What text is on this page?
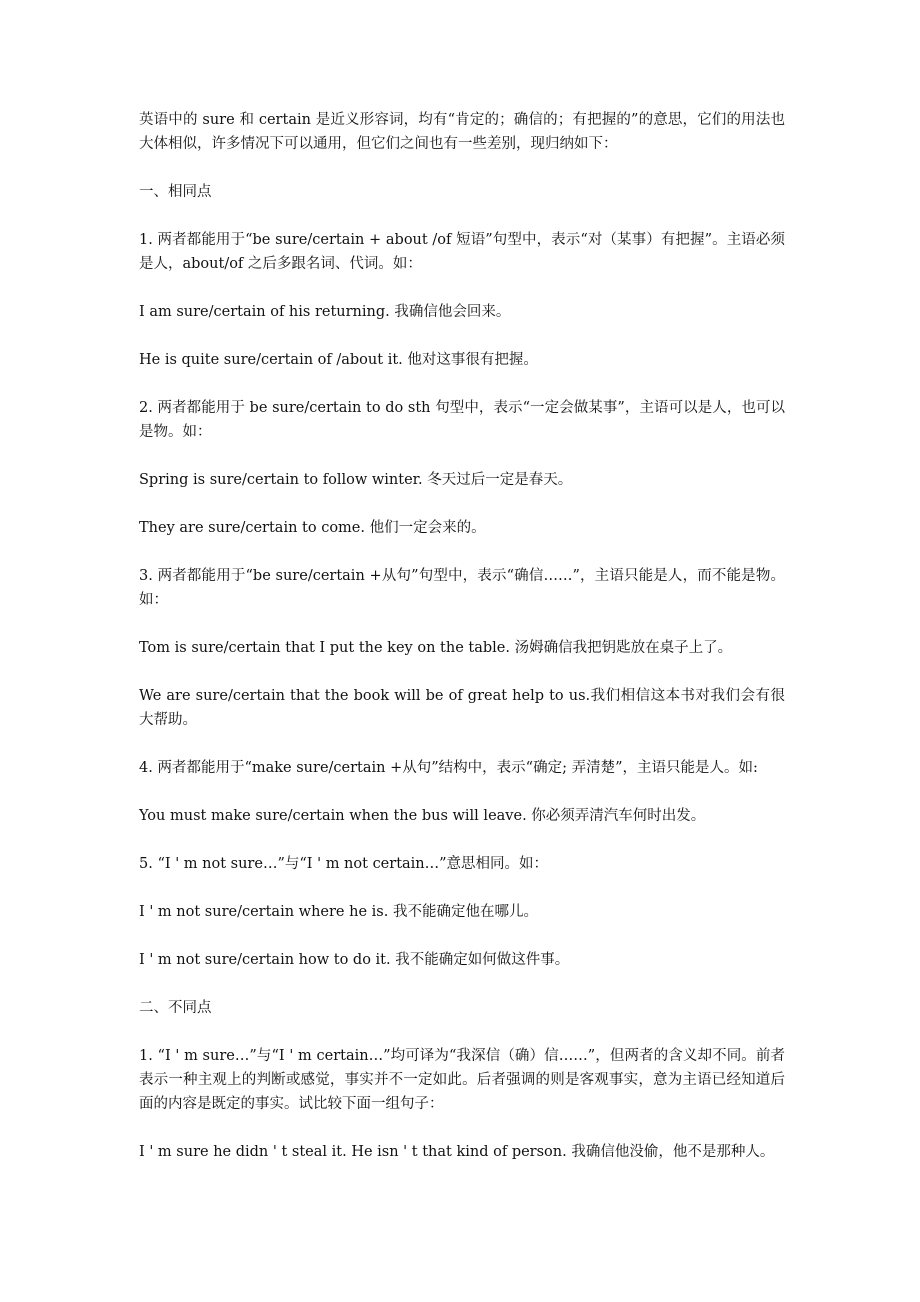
英语中的 sure 和 certain 是近义形容词，均有“肯定的；确信的；有把握的”的意思，它们的用法也大体相似，许多情况下可以通用，但它们之间也有一些差别，现归纳如下：

一、相同点

1. 两者都能用于“be sure/certain + about /of 短语”句型中，表示“对（某事）有把握”。主语必须是人，about/of 之后多跟名词、代词。如：

I am sure/certain of his returning. 我确信他会回来。

He is quite sure/certain of /about it. 他对这事很有把握。

2. 两者都能用于 be sure/certain to do sth 句型中，表示“一定会做某事”，主语可以是人，也可以是物。如：

Spring is sure/certain to follow winter. 冬天过后一定是春天。

They are sure/certain to come. 他们一定会来的。

3. 两者都能用于“be sure/certain +从句”句型中，表示“确信……”，主语只能是人，而不能是物。如：

Tom is sure/certain that I put the key on the table. 汤姆确信我把钥匙放在桌子上了。

We are sure/certain that the book will be of great help to us.我们相信这本书对我们会有很大帮助。

4. 两者都能用于“make sure/certain +从句”结构中，表示“确定; 弄清楚”，主语只能是人。如:

You must make sure/certain when the bus will leave. 你必须弄清汽车何时出发。

5. “I ' m not sure…”与“I ' m not certain…”意思相同。如：

I ' m not sure/certain where he is. 我不能确定他在哪儿。

I ' m not sure/certain how to do it. 我不能确定如何做这件事。

二、不同点

1. “I ' m sure…”与“I ' m certain…”均可译为“我深信（确）信……”，但两者的含义却不同。前者表示一种主观上的判断或感觉，事实并不一定如此。后者强调的则是客观事实，意为主语已经知道后面的内容是既定的事实。试比较下面一组句子：

I ' m sure he didn ' t steal it. He isn ' t that kind of person. 我确信他没偷，他不是那种人。
